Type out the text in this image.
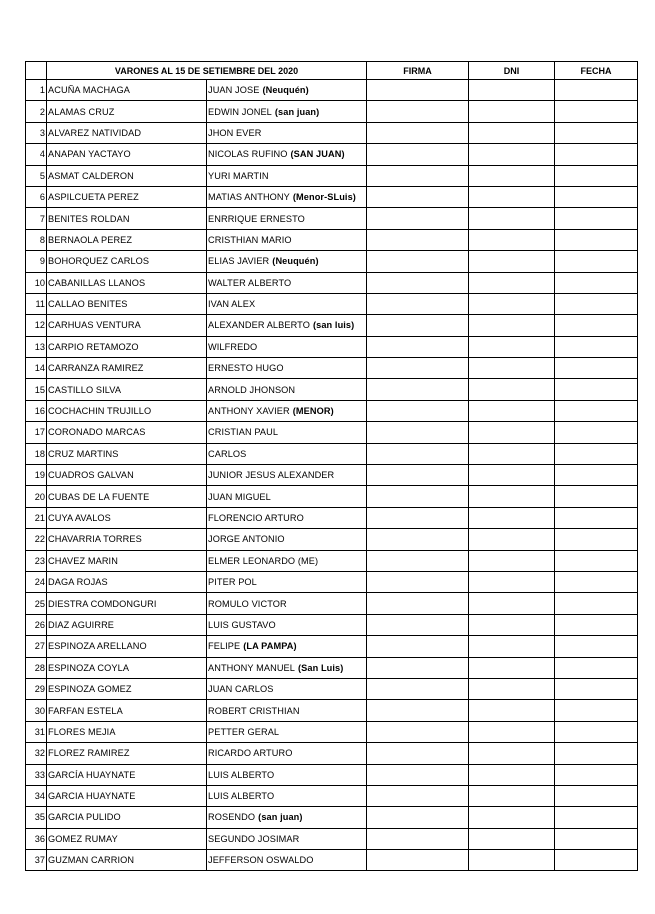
	VARONES AL 15 DE SETIEMBRE DEL 2020		FIRMA	DNI	FECHA
1	ACUÑA MACHAGA	JUAN JOSE (Neuquén)			
2	ALAMAS CRUZ	EDWIN JONEL (san juan)			
3	ALVAREZ NATIVIDAD	JHON EVER			
4	ANAPAN YACTAYO	NICOLAS RUFINO (SAN JUAN)			
5	ASMAT CALDERON	YURI MARTIN			
6	ASPILCUETA PEREZ	MATIAS ANTHONY (Menor-SLuis)			
7	BENITES ROLDAN	ENRRIQUE ERNESTO			
8	BERNAOLA PEREZ	CRISTHIAN MARIO			
9	BOHORQUEZ CARLOS	ELIAS JAVIER (Neuquén)			
10	CABANILLAS LLANOS	WALTER ALBERTO			
11	CALLAO BENITES	IVAN ALEX			
12	CARHUAS VENTURA	ALEXANDER ALBERTO (san luis)			
13	CARPIO RETAMOZO	WILFREDO			
14	CARRANZA RAMIREZ	ERNESTO HUGO			
15	CASTILLO SILVA	ARNOLD JHONSON			
16	COCHACHIN TRUJILLO	ANTHONY XAVIER (MENOR)			
17	CORONADO MARCAS	CRISTIAN PAUL			
18	CRUZ MARTINS	CARLOS			
19	CUADROS GALVAN	JUNIOR JESUS ALEXANDER			
20	CUBAS DE LA FUENTE	JUAN MIGUEL			
21	CUYA AVALOS	FLORENCIO ARTURO			
22	CHAVARRIA TORRES	JORGE ANTONIO			
23	CHAVEZ MARIN	ELMER LEONARDO (ME)			
24	DAGA ROJAS	PITER POL			
25	DIESTRA COMDONGURI	ROMULO VICTOR			
26	DIAZ AGUIRRE	LUIS GUSTAVO			
27	ESPINOZA ARELLANO	FELIPE (LA PAMPA)			
28	ESPINOZA COYLA	ANTHONY MANUEL (San Luis)			
29	ESPINOZA GOMEZ	JUAN CARLOS			
30	FARFAN ESTELA	ROBERT CRISTHIAN			
31	FLORES MEJIA	PETTER GERAL			
32	FLOREZ RAMIREZ	RICARDO ARTURO			
33	GARCÍA HUAYNATE	LUIS ALBERTO			
34	GARCIA HUAYNATE	LUIS ALBERTO			
35	GARCIA PULIDO	ROSENDO (san juan)			
36	GOMEZ RUMAY	SEGUNDO JOSIMAR			
37	GUZMAN CARRION	JEFFERSON OSWALDO			
